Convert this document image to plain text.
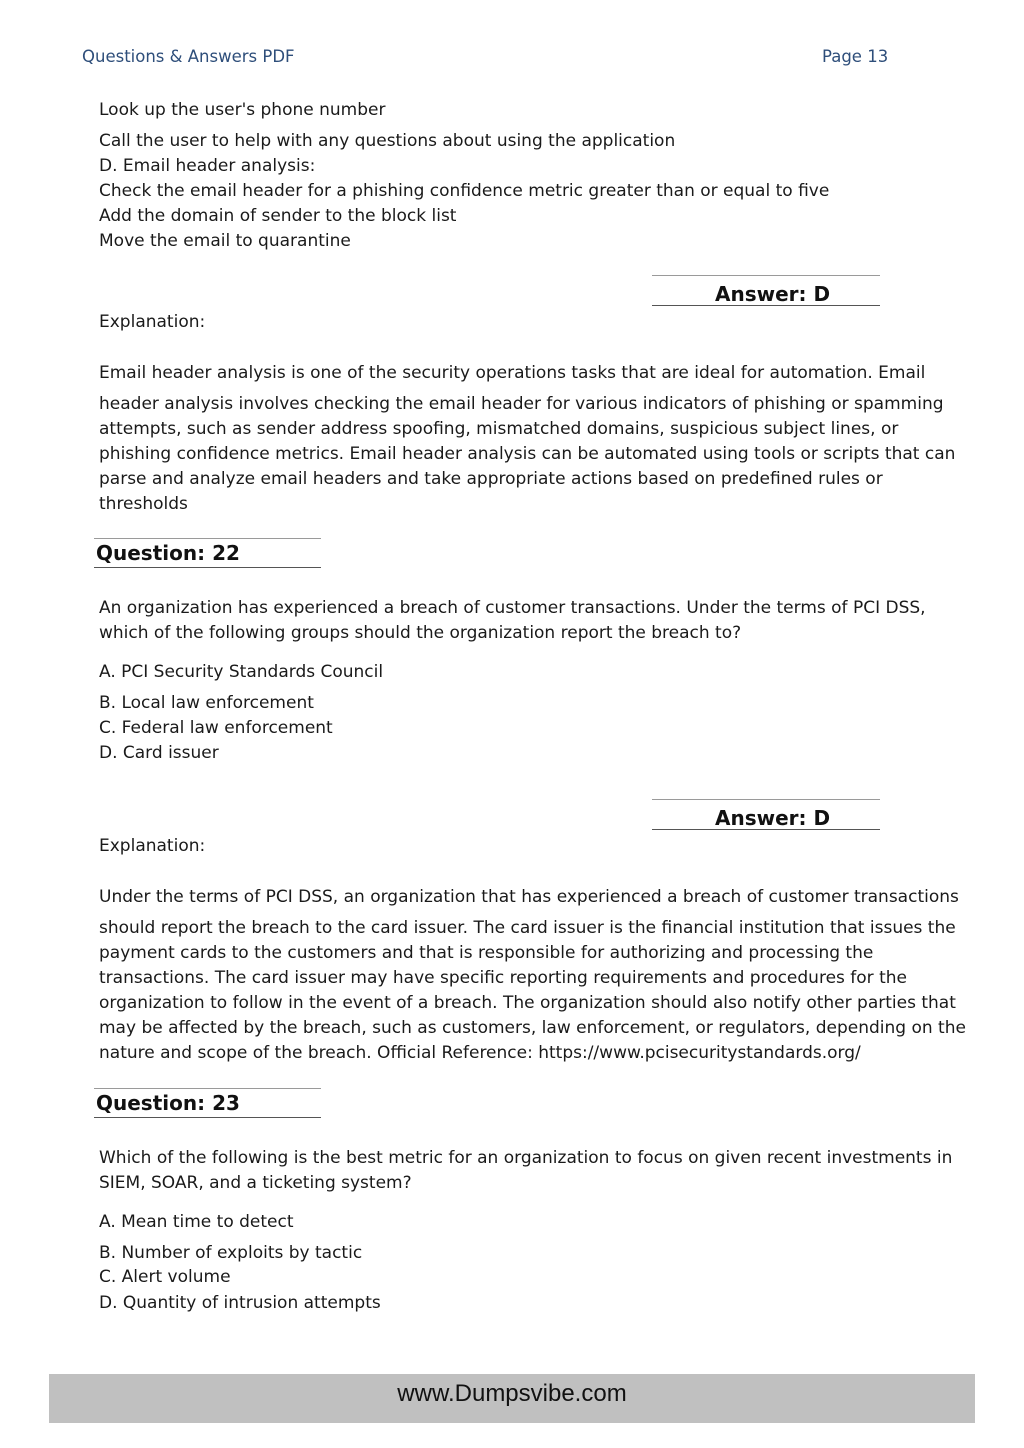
Questions & Answers PDF	Page 13
Look up the user's phone number
Call the user to help with any questions about using the application
D. Email header analysis:
Check the email header for a phishing confidence metric greater than or equal to five
Add the domain of sender to the block list
Move the email to quarantine
Answer: D
Explanation:
Email header analysis is one of the security operations tasks that are ideal for automation. Email
header analysis involves checking the email header for various indicators of phishing or spamming
attempts, such as sender address spoofing, mismatched domains, suspicious subject lines, or
phishing confidence metrics. Email header analysis can be automated using tools or scripts that can
parse and analyze email headers and take appropriate actions based on predefined rules or
thresholds
Question: 22
An organization has experienced a breach of customer transactions. Under the terms of PCI DSS,
which of the following groups should the organization report the breach to?
A. PCI Security Standards Council
B. Local law enforcement
C. Federal law enforcement
D. Card issuer
Answer: D
Explanation:
Under the terms of PCI DSS, an organization that has experienced a breach of customer transactions
should report the breach to the card issuer. The card issuer is the financial institution that issues the
payment cards to the customers and that is responsible for authorizing and processing the
transactions. The card issuer may have specific reporting requirements and procedures for the
organization to follow in the event of a breach. The organization should also notify other parties that
may be affected by the breach, such as customers, law enforcement, or regulators, depending on the
nature and scope of the breach. Official Reference: https://www.pcisecuritystandards.org/
Question: 23
Which of the following is the best metric for an organization to focus on given recent investments in
SIEM, SOAR, and a ticketing system?
A. Mean time to detect
B. Number of exploits by tactic
C. Alert volume
D. Quantity of intrusion attempts
www.Dumpsvibe.com
